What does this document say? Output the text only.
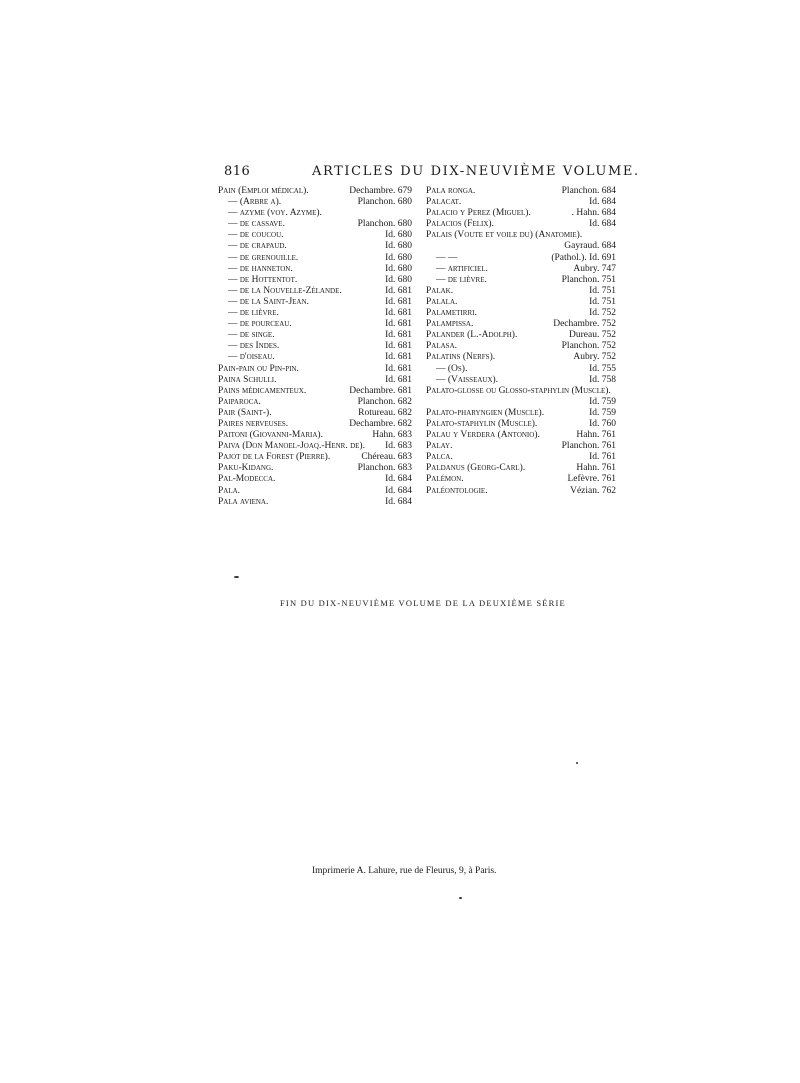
816	ARTICLES DU DIX-NEUVIÈME VOLUME.
Pain (Emploi médical).	Dechambre. 679
— (Arbre a).	Planchon. 680
— azyme (voy. Azyme).
— de cassave.	Planchon. 680
— de coucou.	Id. 680
— de crapaud.	Id. 680
— de grenouille.	Id. 680
— de hanneton.	Id. 680
— de Hottentot.	Id. 680
— de la Nouvelle-Zélande.	Id. 681
— de la Saint-Jean.	Id. 681
— de lièvre.	Id. 681
— de pourceau.	Id. 681
— de singe.	Id. 681
— des Indes.	Id. 681
— d'oiseau.	Id. 681
Pain-pain ou Pin-pin.	Id. 681
Paina Schulli.	Id. 681
Pains médicamenteux.	Dechambre. 681
Paiparoca.	Planchon. 682
Pair (Saint-).	Rotureau. 682
Paires nerveuses.	Dechambre. 682
Paitoni (Giovanni-Maria).	Hahn. 683
Paiva (Don Manoel-Joaq.-Henr. de).	Id. 683
Pajot de la Forest (Pierre).	Chéreau. 683
Paku-Kidang.	Planchon. 683
Pal-Modecca.	Id. 684
Pala.	Id. 684
Pala aviena.	Id. 684
Pala ronga.	Planchon. 684
Palacat.	Id. 684
Palacio y Perez (Miguel).	. Hahn. 684
Palacios (Felix).	Id. 684
Palais (Voute et voile du) (Anatomie).
Gayraud. 684
— —	(Pathol.). Id. 691
— artificiel.	Aubry. 747
— de lièvre.	Planchon. 751
Palak.	Id. 751
Palala.	Id. 751
Palametirri.	Id. 752
Palampissa.	Dechambre. 752
Palander (L.-Adolph).	Dureau. 752
Palasa.	Planchon. 752
Palatins (Nerfs).	Aubry. 752
— (Os).	Id. 755
— (Vaisseaux).	Id. 758
Palato-glosse ou Glosso-staphylin (Muscle).
Id. 759
Palato-pharyngien (Muscle).	Id. 759
Palato-staphylin (Muscle).	Id. 760
Palau y Verdera (Antonio).	Hahn. 761
Palay.	Planchon. 761
Palca.	Id. 761
Paldanus (Georg-Carl).	Hahn. 761
Palémon.	Lefèvre. 761
Paléontologie.	Vézian. 762
FIN DU DIX-NEUVIÈME VOLUME DE LA DEUXIÈME SÉRIE
Imprimerie A. Lahure, rue de Fleurus, 9, à Paris.
